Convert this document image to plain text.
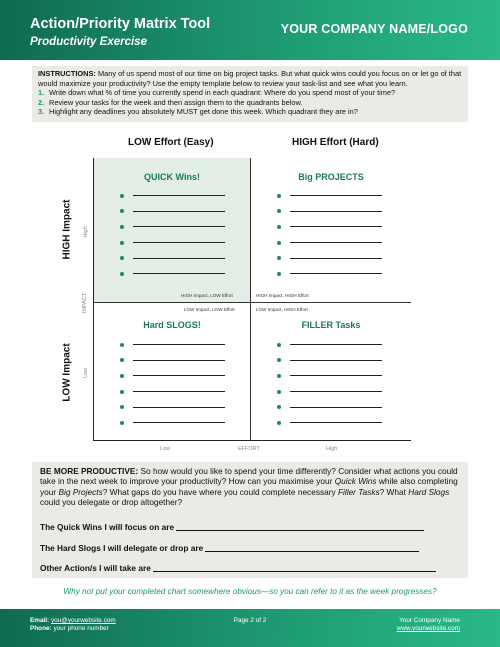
Action/Priority Matrix Tool
Productivity Exercise
YOUR COMPANY NAME/LOGO
INSTRUCTIONS: Many of us spend most of our time on big project tasks. But what quick wins could you focus on or let go of that would maximize your productivity? Use the empty template below to review your task-list and see what you learn.
1. Write down what % of time you currently spend in each quadrant: Where do you spend most of your time?
2. Review your tasks for the week and then assign them to the quadrants below.
3. Highlight any deadlines you absolutely MUST get done this week. Which quadrant they are in?
LOW Effort (Easy)	HIGH Effort (Hard)
HIGH Impact
LOW Impact
High
IMPACT
Low
Low	EFFORT	High
QUICK Wins!
HIGH Impact, LOW Effort
Big PROJECTS
HIGH Impact, HIGH Effort
LOW Impact, LOW Effort
Hard SLOGS!
LOW Impact, HIGH Effort
FILLER Tasks
BE MORE PRODUCTIVE: So how would you like to spend your time differently? Consider what actions you could take in the next week to improve your productivity? How can you maximise your Quick Wins while also completing your Big Projects? What gaps do you have where you could complete necessary Filler Tasks? What Hard Slogs could you delegate or drop altogether?
The Quick Wins I will focus on are
The Hard Slogs I will delegate or drop are
Other Action/s I will take are
Why not put your completed chart somewhere obvious—so you can refer to it as the week progresses?
Email: you@yourwebsite.com
Phone: your phone number
Page 2 of 2	Your Company Name
www.yourwebsite.com
